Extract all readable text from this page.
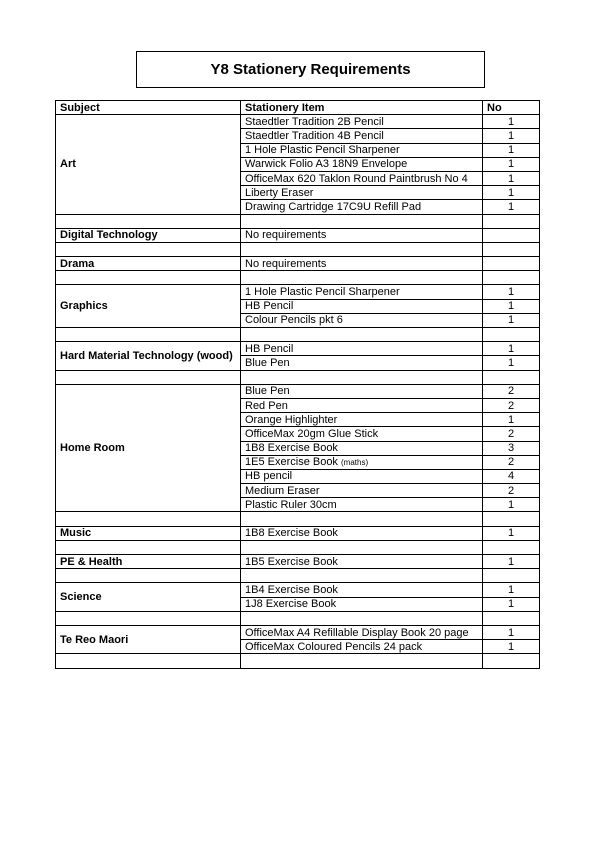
Y8 Stationery Requirements
Subject	Stationery Item	No
Art	Staedtler Tradition 2B Pencil	1
	Staedtler Tradition 4B Pencil	1
	1 Hole Plastic Pencil Sharpener	1
	Warwick Folio A3 18N9 Envelope	1
	OfficeMax 620 Taklon Round Paintbrush No 4	1
	Liberty Eraser	1
	Drawing Cartridge 17C9U Refill Pad	1

Digital Technology	No requirements	

Drama	No requirements	

Graphics	1 Hole Plastic Pencil Sharpener	1
	HB Pencil	1
	Colour Pencils pkt 6	1

Hard Material Technology (wood)	HB Pencil	1
	Blue Pen	1

Home Room	Blue Pen	2
	Red Pen	2
	Orange Highlighter	1
	OfficeMax 20gm Glue Stick	2
	1B8 Exercise Book	3
	1E5 Exercise Book (maths)	2
	HB pencil	4
	Medium Eraser	2
	Plastic Ruler 30cm	1

Music	1B8 Exercise Book	1

PE & Health	1B5 Exercise Book	1

Science	1B4 Exercise Book	1
	1J8 Exercise Book	1

Te Reo Maori	OfficeMax A4 Refillable Display Book 20 page	1
	OfficeMax Coloured Pencils 24 pack	1
